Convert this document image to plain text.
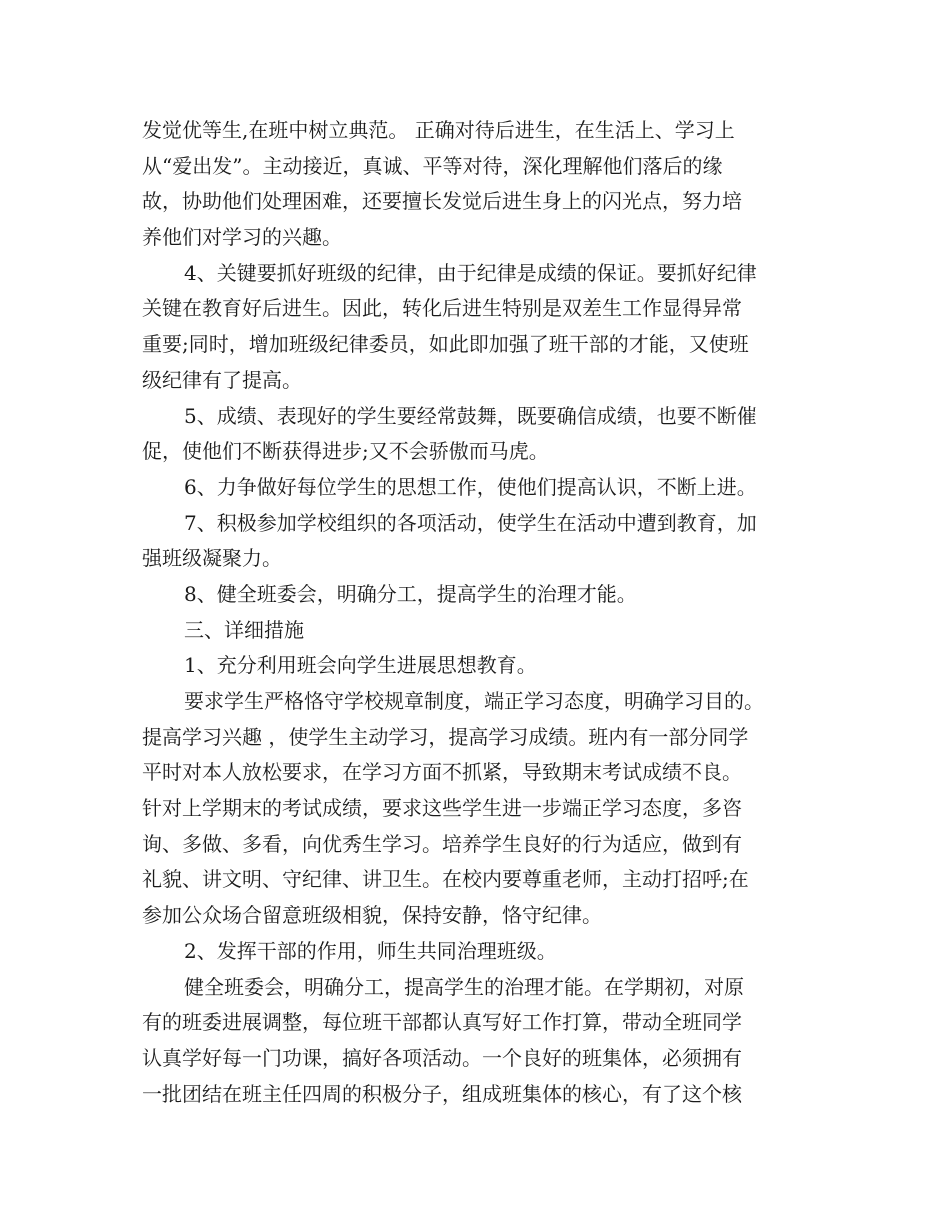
发觉优等生,在班中树立典范。 正确对待后进生，在生活上、学习上
从“爱出发”。主动接近，真诚、平等对待，深化理解他们落后的缘
故，协助他们处理困难，还要擅长发觉后进生身上的闪光点，努力培
养他们对学习的兴趣。
4、关键要抓好班级的纪律，由于纪律是成绩的保证。要抓好纪律
关键在教育好后进生。因此，转化后进生特别是双差生工作显得异常
重要;同时，增加班级纪律委员，如此即加强了班干部的才能，又使班
级纪律有了提高。
5、成绩、表现好的学生要经常鼓舞，既要确信成绩，也要不断催
促，使他们不断获得进步;又不会骄傲而马虎。
6、力争做好每位学生的思想工作，使他们提高认识，不断上进。
7、积极参加学校组织的各项活动，使学生在活动中遭到教育，加
强班级凝聚力。
8、健全班委会，明确分工，提高学生的治理才能。
三、详细措施
1、充分利用班会向学生进展思想教育。
要求学生严格恪守学校规章制度，端正学习态度，明确学习目的。
提高学习兴趣 ，使学生主动学习，提高学习成绩。班内有一部分同学
平时对本人放松要求，在学习方面不抓紧，导致期末考试成绩不良。
针对上学期末的考试成绩，要求这些学生进一步端正学习态度，多咨
询、多做、多看，向优秀生学习。培养学生良好的行为适应，做到有
礼貌、讲文明、守纪律、讲卫生。在校内要尊重老师，主动打招呼;在
参加公众场合留意班级相貌，保持安静，恪守纪律。
2、发挥干部的作用，师生共同治理班级。
健全班委会，明确分工，提高学生的治理才能。在学期初，对原
有的班委进展调整，每位班干部都认真写好工作打算，带动全班同学
认真学好每一门功课，搞好各项活动。一个良好的班集体，必须拥有
一批团结在班主任四周的积极分子，组成班集体的核心，有了这个核
